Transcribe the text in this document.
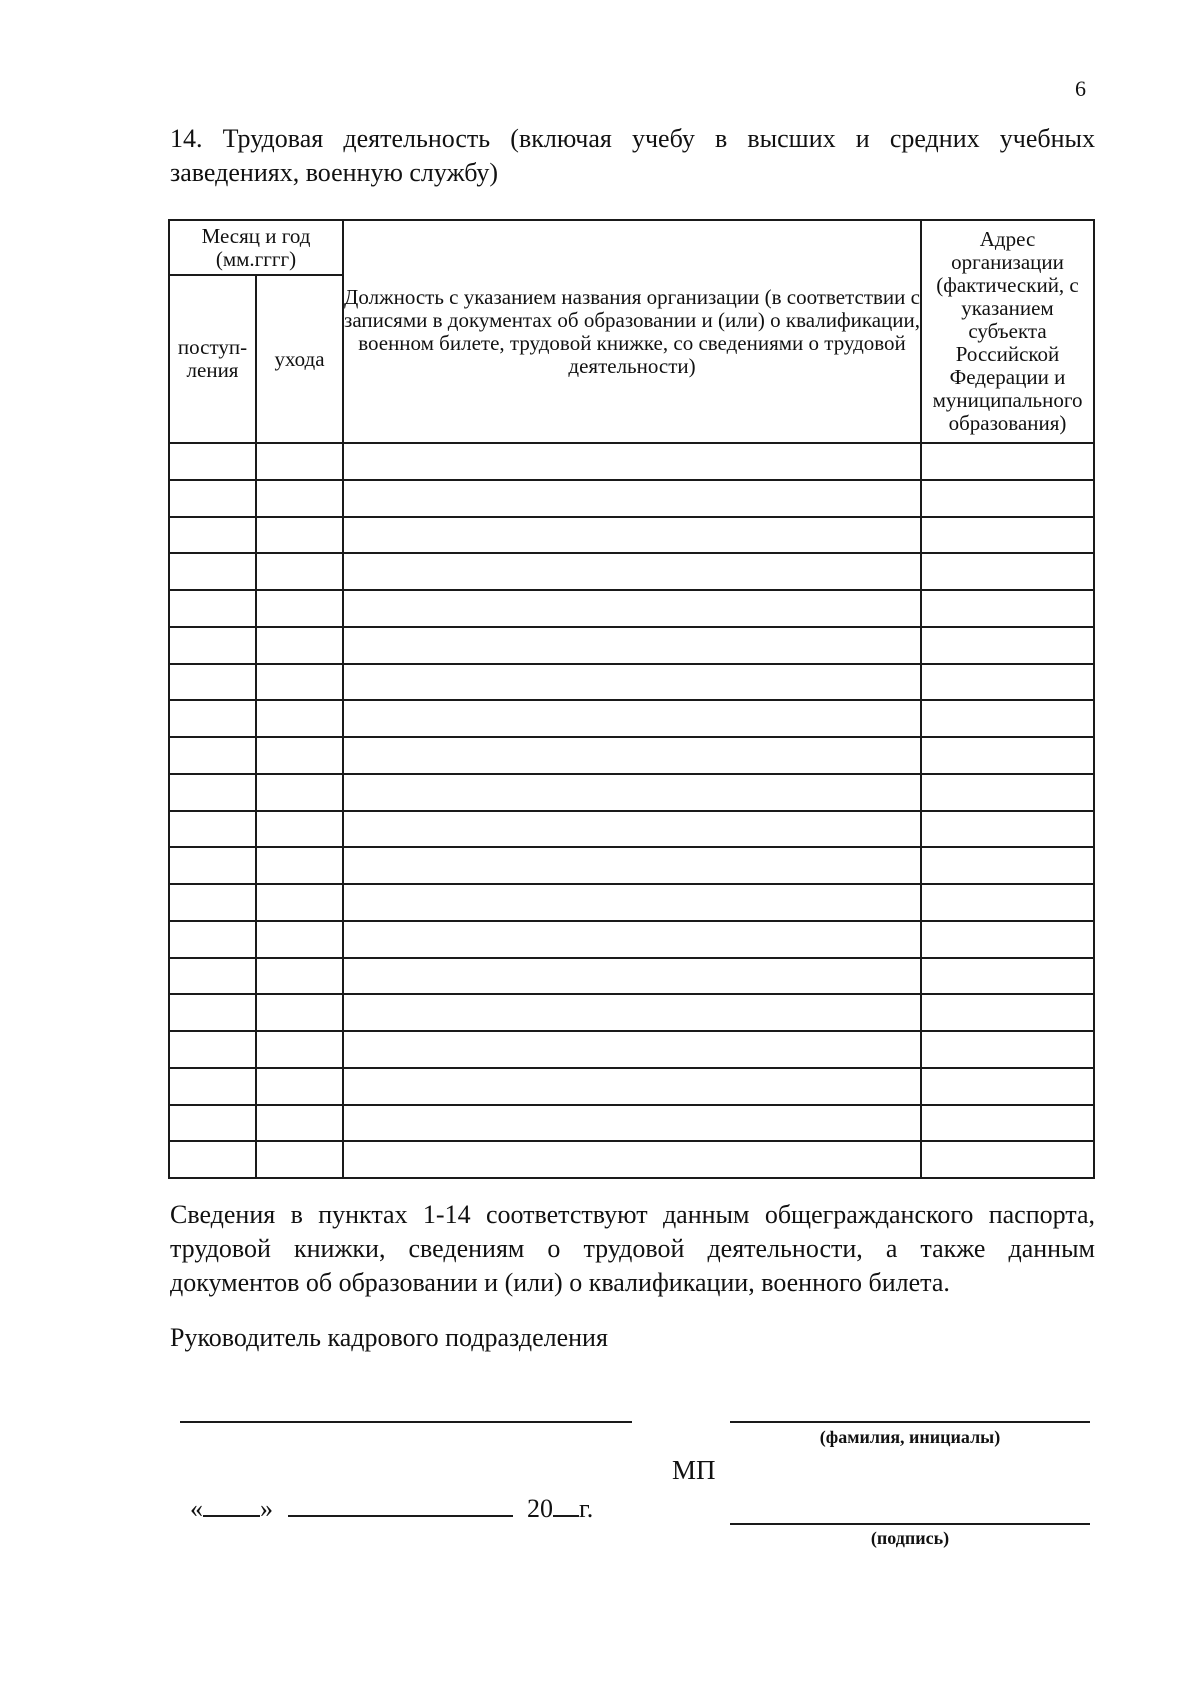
6
14. Трудовая деятельность (включая учебу в высших и средних учебных заведениях, военную службу)
Месяц и год (мм.гггг)		Должность с указанием названия организации (в соответствии с записями в документах об образовании и (или) о квалификации, военном билете, трудовой книжке, со сведениями о трудовой деятельности)	Адрес организации (фактический, с указанием субъекта Российской Федерации и муниципального образования)
поступ-ления	ухода		

Сведения в пунктах 1-14 соответствуют данным общегражданского паспорта, трудовой книжки, сведениям о трудовой деятельности, а также данным документов об образовании и (или) о квалификации, военного билета.
Руководитель кадрового подразделения
(фамилия, инициалы)
МП
« »	20 г.
(подпись)
